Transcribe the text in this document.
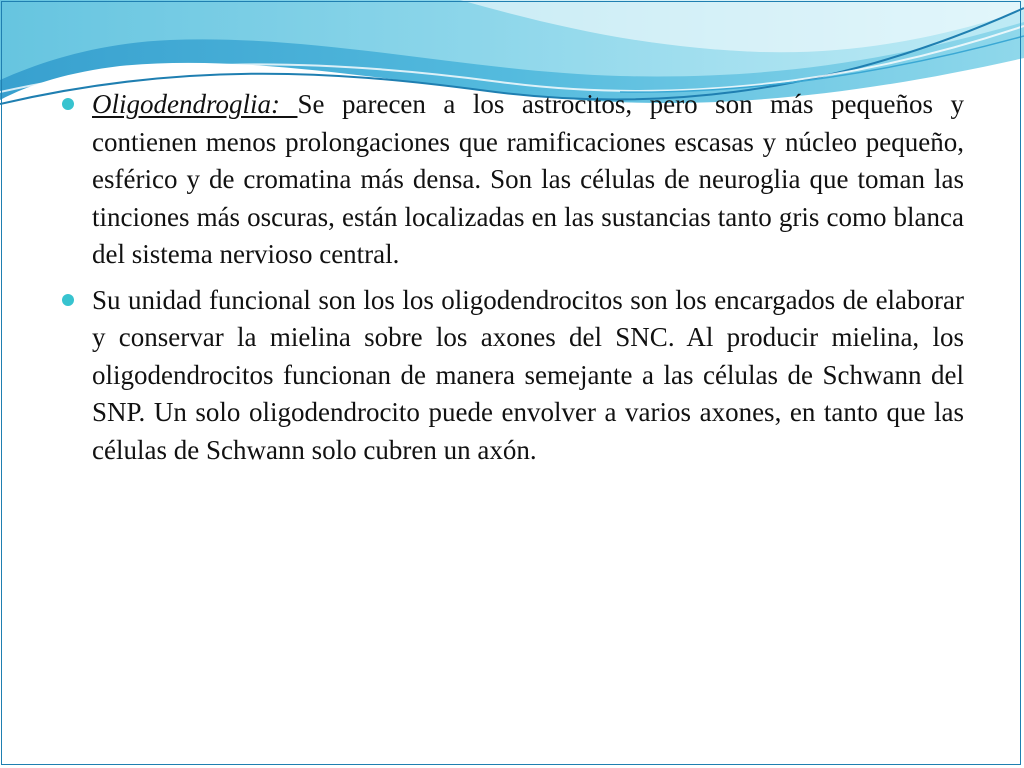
Oligodendroglia: Se parecen a los astrocitos, pero son más pequeños y contienen menos prolongaciones que ramificaciones escasas y núcleo pequeño, esférico y de cromatina más densa. Son las células de neuroglia que toman las tinciones más oscuras, están localizadas en las sustancias tanto gris como blanca del sistema nervioso central.

Su unidad funcional son los los oligodendrocitos son los encargados de elaborar y conservar la mielina sobre los axones del SNC. Al producir mielina, los oligodendrocitos funcionan de manera semejante a las células de Schwann del SNP. Un solo oligodendrocito puede envolver a varios axones, en tanto que las células de Schwann solo cubren un axón.
